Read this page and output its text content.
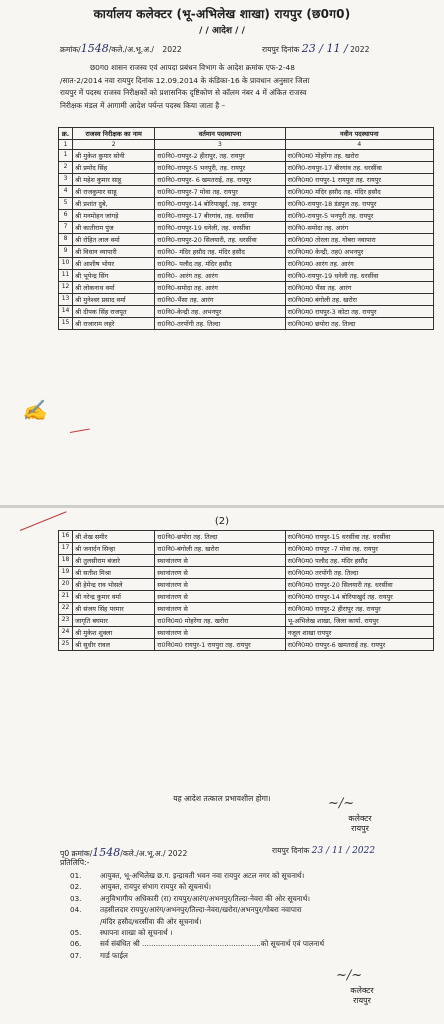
कार्यालय कलेक्टर (भू-अभिलेख शाखा) रायपुर (छ0ग0)
/ / आदेश / /
क्रमांक/1548/कले./अ.भू.अ./ 2022	रायपुर दिनांक 23 / 11 / 2022
छ0ग0 शासन राजस्व एवं आपदा प्रबंधन विभाग के आदेश क्रमांक एफ-2-48
/सात-2/2014 नवा रायपुर दिनांक 12.09.2014 के कंडिका-16 के प्रावधान अनुसार जिला
रायपुर में पदस्थ राजस्व निरीक्षकों को प्रशासनिक दृष्टिकोण से कॉलम नंबर 4 में अंकित राजस्व
निरीक्षक मंडल में आगामी आदेश पर्यन्त पदस्थ किया जाता है –
क्र.	राजस्व निरीक्षक का नाम	वर्तमान पदस्थापना	नवीन पदस्थापना
1	2	3	4
1	श्री मुकेश कुमार सोनी	रा0नि0-रायपुर-2 हीरापुर, तह. रायपुर	रा0नि0म0 मोहरेंगा तह. खरोरा
2	श्री प्रमोद सिंह	रा0नि0-रायपुर-5 भनपुरी, तह. रायपुर	रा0नि0-रायपुर-17 बीरगांव तह. धरसींवा
3	श्री महेश कुमार साहू	रा0नि0-रायपुर- 6 खमतराई, तह. रायपुर	रा0नि0म0 रायपुर-1 रायपुरा तह. रायपुर
4	श्री राजकुमार साहू	रा0नि0-रायपुर-7 मोवा तह. रायपुर	रा0नि0म0 मंदिर हसौद तह. मंदिर हसौद
5	श्री प्रशांत दुबे,	रा0नि0-रायपुर-14 बोरियाखुर्द, तह. रायपुर	रा0नि0-रायपुर-18 डंडपुल तह. रायपुर
6	श्री मनमोहन जांगड़े	रा0नि0-रायपुर-17 बीरगांव, तह. धरसींवा	रा0नि0-रायपुर-5 भनपुरी तह. रायपुर
7	श्री कातीराम पुंज	रा0नि0-रायपुर-19 धनेली, तह. धरसींवा	रा0नि0-समोदा तह. आरंग
8	श्री रोहित लाल वर्मा	रा0नि0-रायपुर-20 सिलयारी, तह. धरसींवा	रा0नि0म0 तोरला तह. गोबरा नवापारा
9	श्री विधान व्यापारी	रा0नि0- मंदिर हसौद तह. मंदिर हसौद	रा0नि0म0 केन्द्री, तह0 अभनपुर
10	श्री आशीष भोयर	रा0नि0- पलौद तह. मंदिर हसौद	रा0नि0म0 आरंग तह. आरंग
11	श्री भूपेन्द्र सिंग	रा0नि0- आरंग तह. आरंग	रा0नि0-रायपुर-19 धनेली तह. धरसींवा
12	श्री लोकनाथ वर्मा	रा0नि0-समोदा तह. आरंग	रा0नि0म0 भैंसा तह. आरंग
13	श्री मुनेश्वर प्रसाद वर्मा	रा0नि0-भैंसा तह. आरंग	रा0नि0म0 बंगोली तह. खरोरा
14	श्री दीपक सिंह राजपूत	रा0नि0-केन्द्री तह. अभनपुर	रा0नि0म0 रायपुर-3 कोटा तह. रायपुर
15	श्री राजाराम लहरे	रा0नि0-तरपोंगी तह. तिल्दा	रा0नि0म0 छपोरा तह. तिल्दा
✍
(2)
16	श्री शेख समीर	रा0नि0-छपोरा तह. तिल्दा	रा0नि0म0 रायपुर-15 धरसींवा तह. धरसींवा
17	श्री जनार्दन सिन्हा	रा0नि0-बंगोली तह. खरोरा	रा0नि0म0 रायपुर -7 मोवा तह. रायपुर
18	श्री तुलसीराम बंजारे	स्थानांतरण से	रा0नि0म0 पलौद तह. मंदिर हसौद
19	श्री सतीश मिश्रा	स्थानांतरण से	रा0नि0म0 तरपोंगी तह. तिल्दा
20	श्री हेमेन्द्र राव भोसले	स्थानांतरण से	रा0नि0म0 रायपुर-20 सिलयारी तह. धरसींवा
21	श्री नरेन्द्र कुमार वर्मा	स्थानांतरण से	रा0नि0म0 रायपुर-14 बोरियाखुर्द तह. रायपुर
22	श्री संजय सिंह परमार	स्थानांतरण से	रा0नि0म0 रायपुर-2 हीरापुर तह. रायपुर
23	जागृति बघमार	रा0नि0म0 मोहरेंगा तह. खरोरा	भू-अभिलेख शाखा, जिला कार्या. रायपुर
24	श्री मुकेश शुक्ला	स्थानांतरण से	नजूल शाखा रायपुर
25	श्री सुधीर रावल	रा0नि0म0 रायपुर-1 रायपुरा तह. रायपुर	रा0नि0म0 रायपुर-6 खमतराई तह. रायपुर
यह आदेश तत्काल प्रभावशील होगा।	~∕~
कलेक्टर
रायपुर
पृ0 क्रमांक/1548/कले./अ.भू.अ./ 2022	रायपुर दिनांक 23 / 11 / 2022
प्रतिलिपि:-
01.	आयुक्त, भू-अभिलेख छ.ग. इन्द्रावती भवन नवा रायपुर अटल नगर को सूचनार्थ।
02.	आयुक्त, रायपुर संभाग रायपुर को सूचनार्थ।
03.	अनुविभागीय अधिकारी (रा) रायपुर/आरंग/अभनपुर/तिल्दा-नेवरा की ओर सूचनार्थ।
04.	तहसीलदार रायपुर/आरंग/अभनपुर/तिल्दा-नेवरा/खरोरा/अभनपुर/गोबरा नवापारा
/मंदिर हसौद/धरसींवा की ओर सूचनार्थ।
05.	स्थापना शाखा को सूचनार्थ ।
06.	सर्व संबंधित श्री ....................................................को सूचनार्थ एवं पालनार्थ
07.	गार्ड फाईल
~∕~
कलेक्टर
रायपुर
